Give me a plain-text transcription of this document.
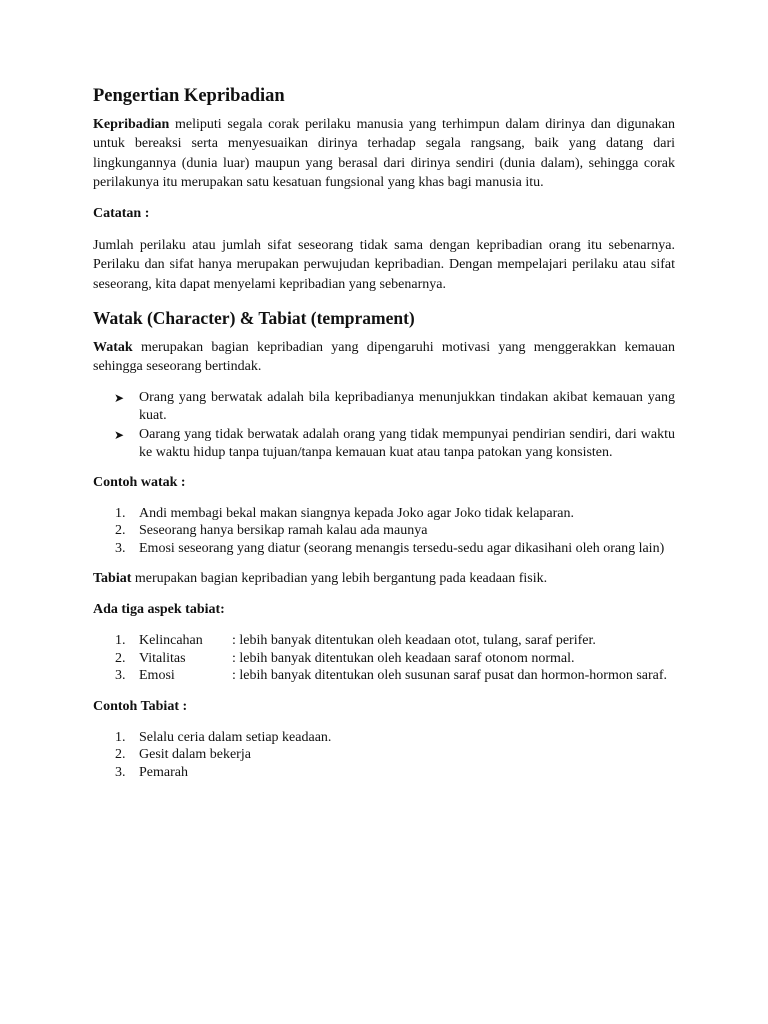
Pengertian Kepribadian

Kepribadian meliputi segala corak perilaku manusia yang terhimpun dalam dirinya dan digunakan untuk bereaksi serta menyesuaikan dirinya terhadap segala rangsang, baik yang datang dari lingkungannya (dunia luar) maupun yang berasal dari dirinya sendiri (dunia dalam), sehingga corak perilakunya itu merupakan satu kesatuan fungsional yang khas bagi manusia itu.

Catatan :

Jumlah perilaku atau jumlah sifat seseorang tidak sama dengan kepribadian orang itu sebenarnya. Perilaku dan sifat hanya merupakan perwujudan kepribadian. Dengan mempelajari perilaku atau sifat seseorang, kita dapat menyelami kepribadian yang sebenarnya.

Watak (Character) & Tabiat (temprament)

Watak merupakan bagian kepribadian yang dipengaruhi motivasi yang menggerakkan kemauan sehingga seseorang bertindak.

➤ Orang yang berwatak adalah bila kepribadianya menunjukkan tindakan akibat kemauan yang kuat.
➤ Oarang yang tidak berwatak adalah orang yang tidak mempunyai pendirian sendiri, dari waktu ke waktu hidup tanpa tujuan/tanpa kemauan kuat atau tanpa patokan yang konsisten.
Contoh watak :
1. Andi membagi bekal makan siangnya kepada Joko agar Joko tidak kelaparan.
2. Seseorang hanya bersikap ramah kalau ada maunya
3. Emosi seseorang yang diatur (seorang menangis tersedu-sedu agar dikasihani oleh orang lain)

Tabiat merupakan bagian kepribadian yang lebih bergantung pada keadaan fisik.

Ada tiga aspek tabiat:
1. Kelincahan : lebih banyak ditentukan oleh keadaan otot, tulang, saraf perifer.
2. Vitalitas	: lebih banyak ditentukan oleh keadaan saraf otonom normal.
3. Emosi	: lebih banyak ditentukan oleh susunan saraf pusat dan hormon-hormon saraf.
Contoh Tabiat :
1. Selalu ceria dalam setiap keadaan.
2. Gesit dalam bekerja
3. Pemarah
